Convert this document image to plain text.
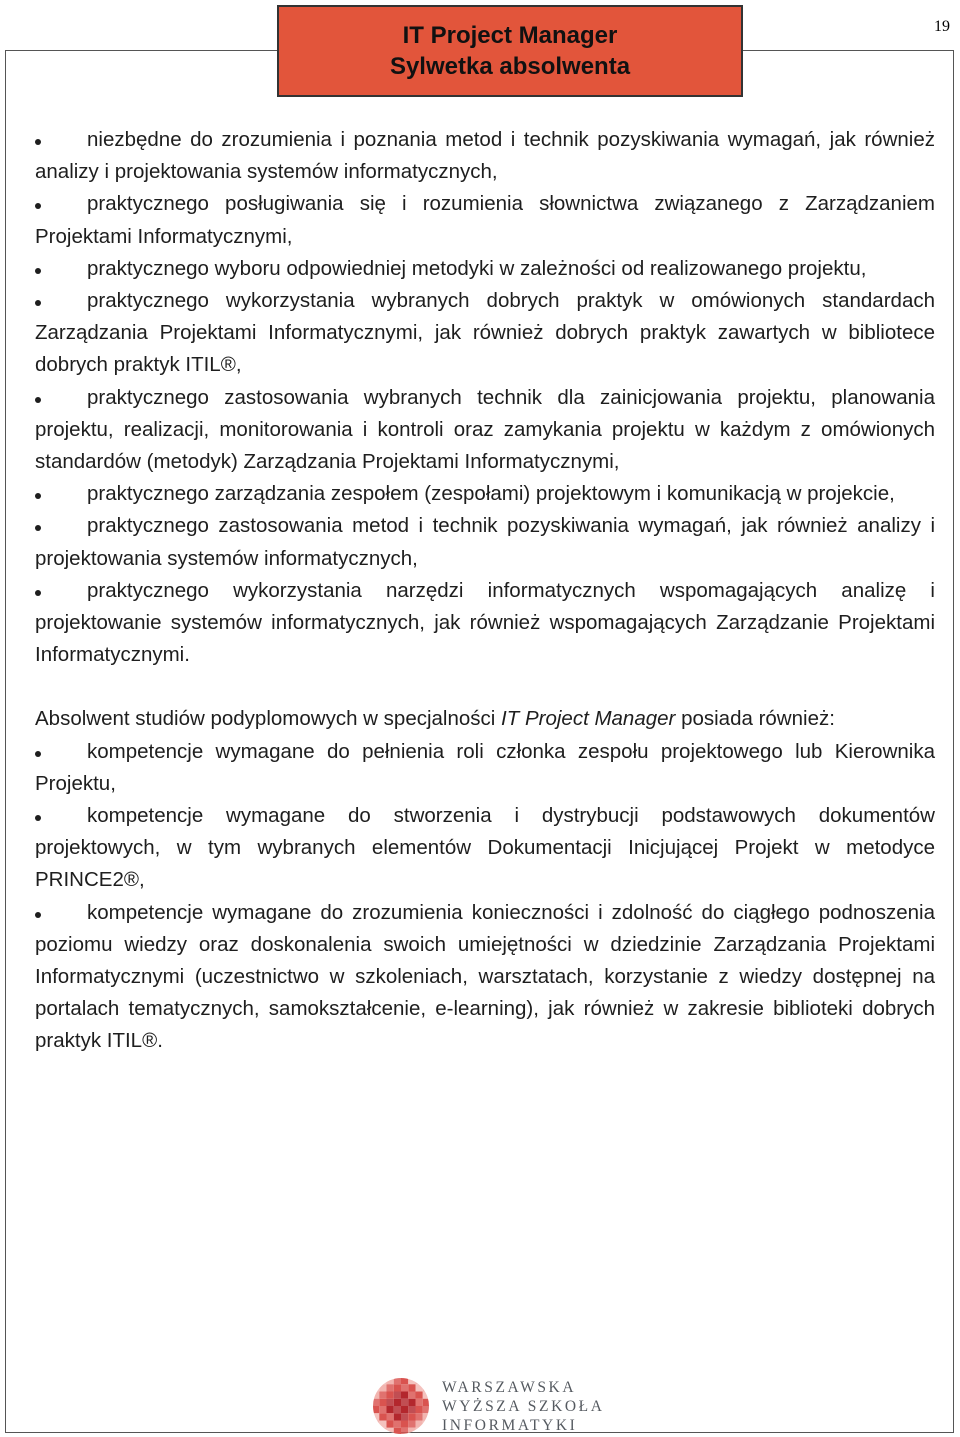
IT Project Manager
Sylwetka absolwenta
19

niezbędne do zrozumienia i poznania metod i technik pozyskiwania wymagań, jak również analizy i projektowania systemów informatycznych,

praktycznego posługiwania się i rozumienia słownictwa związanego z Zarządzaniem Projektami Informatycznymi,

praktycznego wyboru odpowiedniej metodyki w zależności od realizowanego projektu,

praktycznego wykorzystania wybranych dobrych praktyk w omówionych standardach Zarządzania Projektami Informatycznymi, jak również dobrych praktyk zawartych w bibliotece dobrych praktyk ITIL®,

praktycznego zastosowania wybranych technik dla zainicjowania projektu, planowania projektu, realizacji, monitorowania i kontroli oraz zamykania projektu w każdym z omówionych standardów (metodyk) Zarządzania Projektami Informatycznymi,

praktycznego zarządzania zespołem (zespołami) projektowym i komunikacją w projekcie,

praktycznego zastosowania metod i technik pozyskiwania wymagań, jak również analizy i projektowania systemów informatycznych,

praktycznego wykorzystania narzędzi informatycznych wspomagających analizę i projektowanie systemów informatycznych, jak również wspomagających Zarządzanie Projektami Informatycznymi.

Absolwent studiów podyplomowych w specjalności IT Project Manager posiada również:

kompetencje wymagane do pełnienia roli członka zespołu projektowego lub Kierownika Projektu,

kompetencje wymagane do stworzenia i dystrybucji podstawowych dokumentów projektowych, w tym wybranych elementów Dokumentacji Inicjującej Projekt w metodyce PRINCE2®,

kompetencje wymagane do zrozumienia konieczności i zdolność do ciągłego podnoszenia poziomu wiedzy oraz doskonalenia swoich umiejętności w dziedzinie Zarządzania Projektami Informatycznymi (uczestnictwo w szkoleniach, warsztatach, korzystanie z wiedzy dostępnej na portalach tematycznych, samokształcenie, e-learning), jak również w zakresie biblioteki dobrych praktyk ITIL®.

WARSZAWSKA
WYŻSZA SZKOŁA
INFORMATYKI
